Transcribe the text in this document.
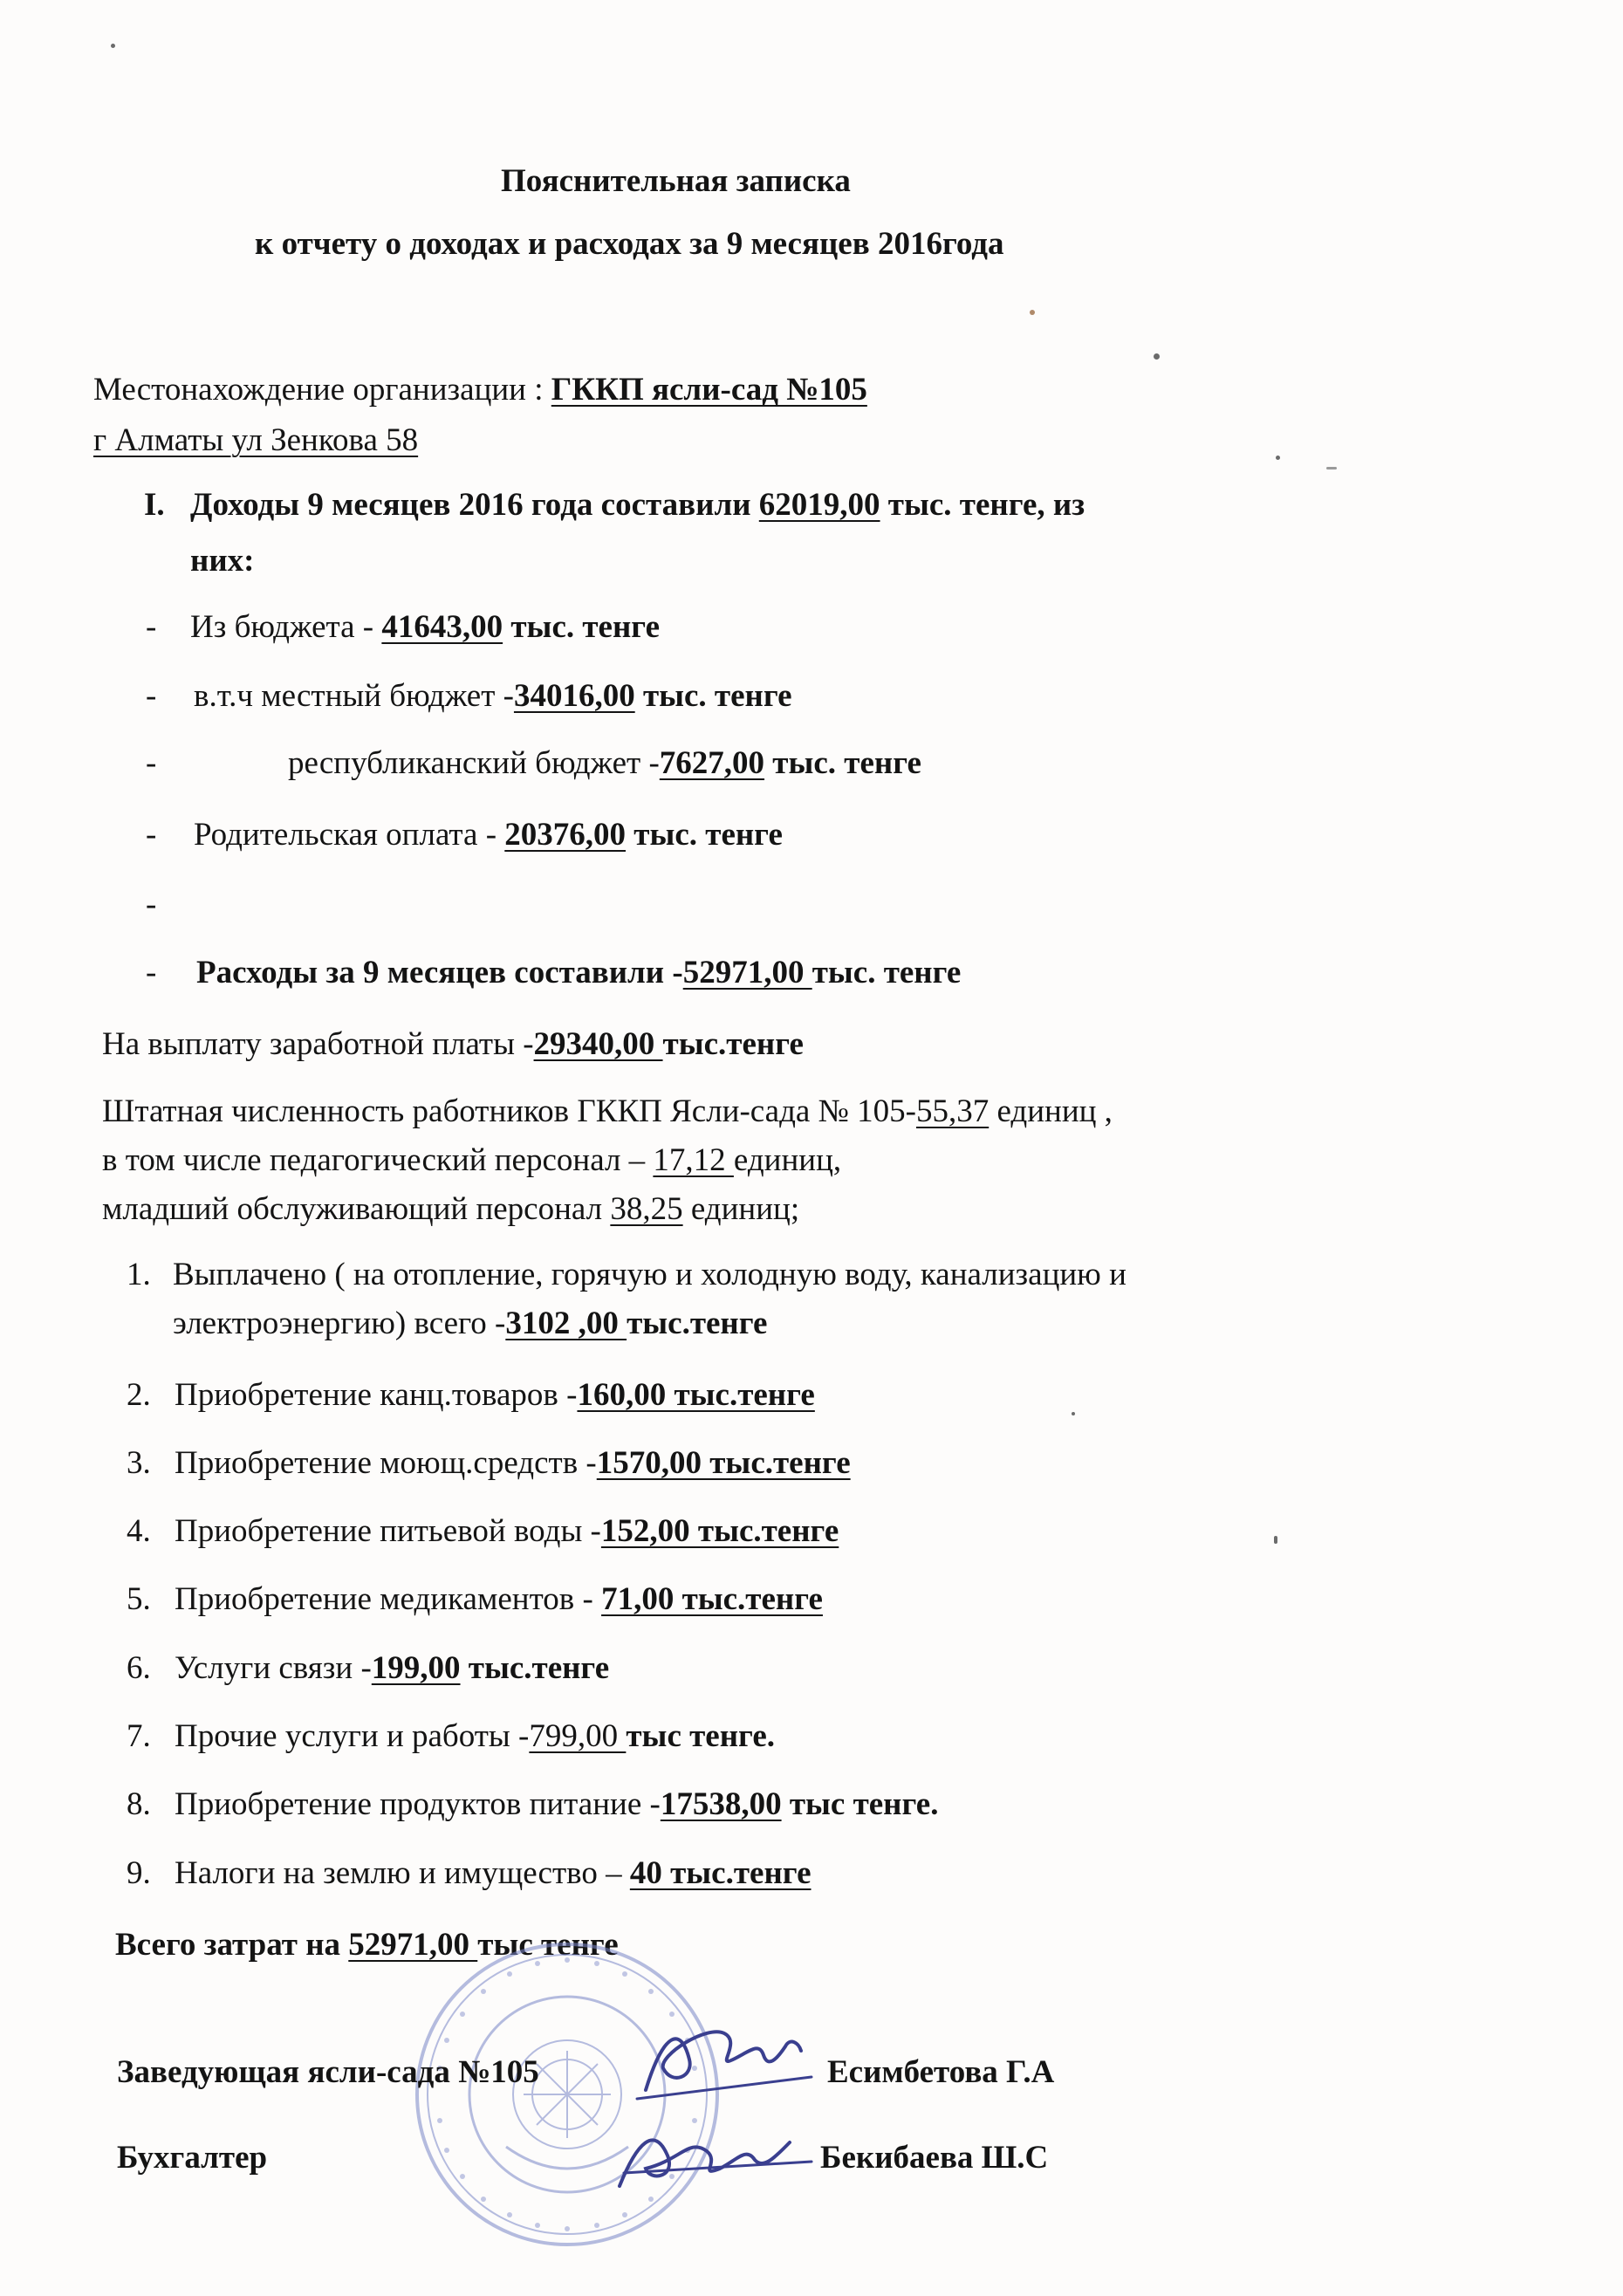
Пояснительная записка
к отчету о доходах и расходах за 9 месяцев 2016года
Местонахождение организации : ГККП ясли-сад №105
г Алматы ул Зенкова 58
I. Доходы 9 месяцев 2016 года составили 62019,00 тыс. тенге, из
них:
- Из бюджета - 41643,00 тыс. тенге
- в.т.ч местный бюджет -34016,00 тыс. тенге
-	республиканский бюджет -7627,00 тыс. тенге
- Родительская оплата - 20376,00 тыс. тенге
-
- Расходы за 9 месяцев составили -52971,00 тыс. тенге
На выплату заработной платы -29340,00 тыс.тенге
Штатная численность работников ГККП Ясли-сада № 105-55,37 единиц ,
в том числе педагогический персонал – 17,12 единиц,
младший обслуживающий персонал 38,25 единиц;
1. Выплачено ( на отопление, горячую и холодную воду, канализацию и
электроэнергию) всего -3102 ,00 тыс.тенге
2. Приобретение канц.товаров -160,00 тыс.тенге
3. Приобретение моющ.средств -1570,00 тыс.тенге
4. Приобретение питьевой воды -152,00 тыс.тенге
5. Приобретение медикаментов - 71,00 тыс.тенге
6. Услуги связи -199,00 тыс.тенге
7. Прочие услуги и работы -799,00 тыс тенге.
8. Приобретение продуктов питание -17538,00 тыс тенге.
9. Налоги на землю и имущество – 40 тыс.тенге
Всего затрат на 52971,00 тыс тенге
Заведующая ясли-сада №105	Есимбетова Г.А
Бухгалтер	Бекибаева Ш.С
